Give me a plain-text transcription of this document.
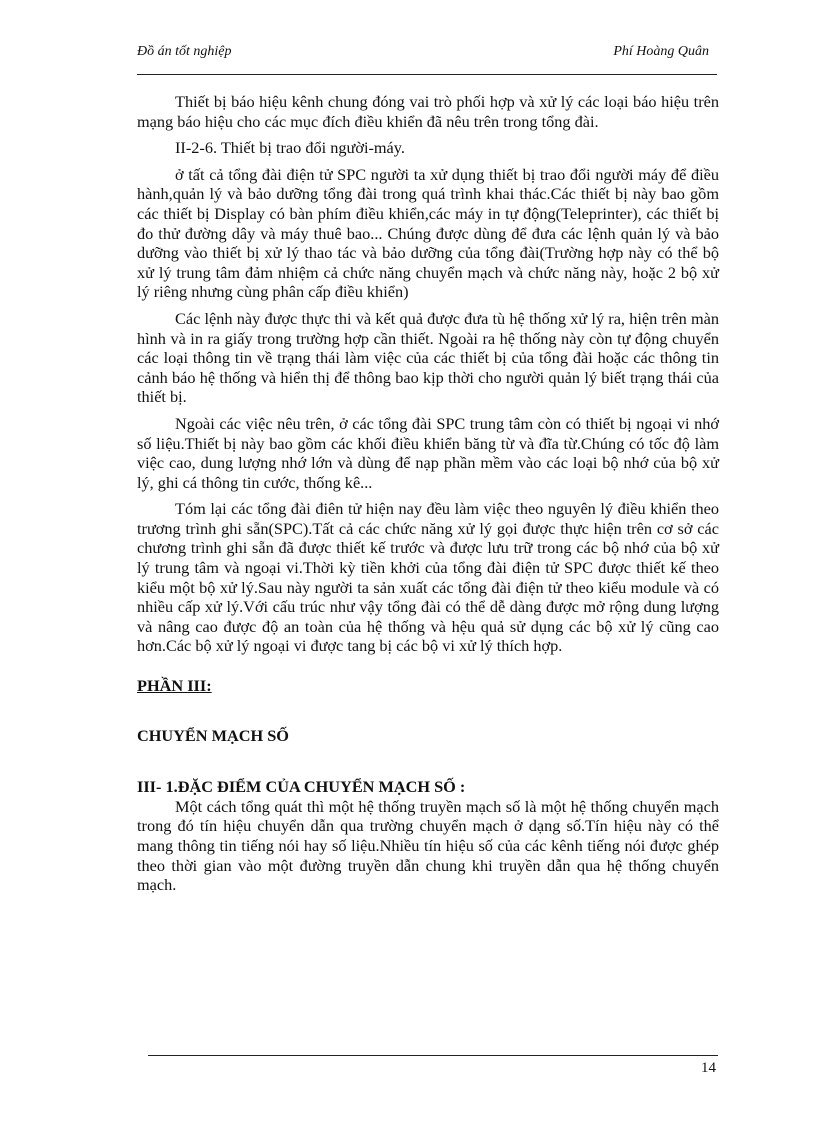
Đồ án tốt nghiệp	Phí Hoàng Quân

Thiết bị báo hiệu kênh chung đóng vai trò phối hợp và xử lý các loại báo hiệu trên mạng báo hiệu cho các mục đích điều khiển đã nêu trên trong tổng đài.

II-2-6. Thiết bị trao đổi người-máy.

ở tất cả tổng đài điện tử SPC người ta xử dụng thiết bị trao đổi người máy để điều hành,quản lý và bảo dưỡng tổng đài trong quá trình khai thác.Các thiết bị này bao gồm các thiết bị Display có bàn phím điều khiển,các máy in tự động(Teleprinter), các thiết bị đo thử đường dây và máy thuê bao... Chúng được dùng để đưa các lệnh quản lý và bảo dưỡng vào thiết bị xử lý thao tác và bảo dưỡng của tổng đài(Trường hợp này có thể bộ xử lý trung tâm đảm nhiệm cả chức năng chuyển mạch và chức năng này, hoặc 2 bộ xử lý riêng nhưng cùng phân cấp điều khiển)

Các lệnh này được thực thi và kết quả được đưa tù hệ thống xử lý ra, hiện trên màn hình và in ra giấy trong trường hợp cần thiết. Ngoài ra hệ thống này còn tự động chuyển các loại thông tin về trạng thái làm việc của các thiết bị của tổng đài hoặc các thông tin cảnh báo hệ thống và hiển thị để thông bao kịp thời cho người quản lý biết trạng thái của thiết bị.

Ngoài các việc nêu trên, ở các tổng đài SPC trung tâm còn có thiết bị ngoại vi nhớ số liệu.Thiết bị này bao gồm các khối điều khiển băng từ và đĩa từ.Chúng có tốc độ làm việc cao, dung lượng nhớ lớn và dùng để nạp phần mềm vào các loại bộ nhớ của bộ xử lý, ghi cá thông tin cước, thống kê...

Tóm lại các tổng đài điên tử hiện nay đều làm việc theo nguyên lý điều khiển theo trương trình ghi sẵn(SPC).Tất cả các chức năng xử lý gọi được thực hiện trên cơ sở các chương trình ghi sẵn đã được thiết kế trước và được lưu trữ trong các bộ nhớ của bộ xử lý trung tâm và ngoại vi.Thời kỳ tiền khởi của tổng đài điện tử SPC được thiết kế theo kiểu một bộ xử lý.Sau này người ta sản xuất các tổng đài điện tử theo kiểu module và có nhiều cấp xử lý.Với cấu trúc như vậy tổng đài có thể dễ dàng được mở rộng dung lượng và nâng cao được độ an toàn của hệ thống và hệu quả sử dụng các bộ xử lý cũng cao hơn.Các bộ xử lý ngoại vi được tang bị các bộ vi xử lý thích hợp.

PHẦN III:

CHUYỂN MẠCH SỐ

III- 1.ĐẶC ĐIỂM CỦA CHUYỂN MẠCH SỐ :

Một cách tổng quát thì một hệ thống truyền mạch số là một hệ thống chuyển mạch trong đó tín hiệu chuyển dẫn qua trường chuyển mạch ở dạng số.Tín hiệu này có thể mang thông tin tiếng nói hay số liệu.Nhiều tín hiệu số của các kênh tiếng nói được ghép theo thời gian vào một đường truyền dẫn chung khi truyền dẫn qua hệ thống chuyển mạch.

14
